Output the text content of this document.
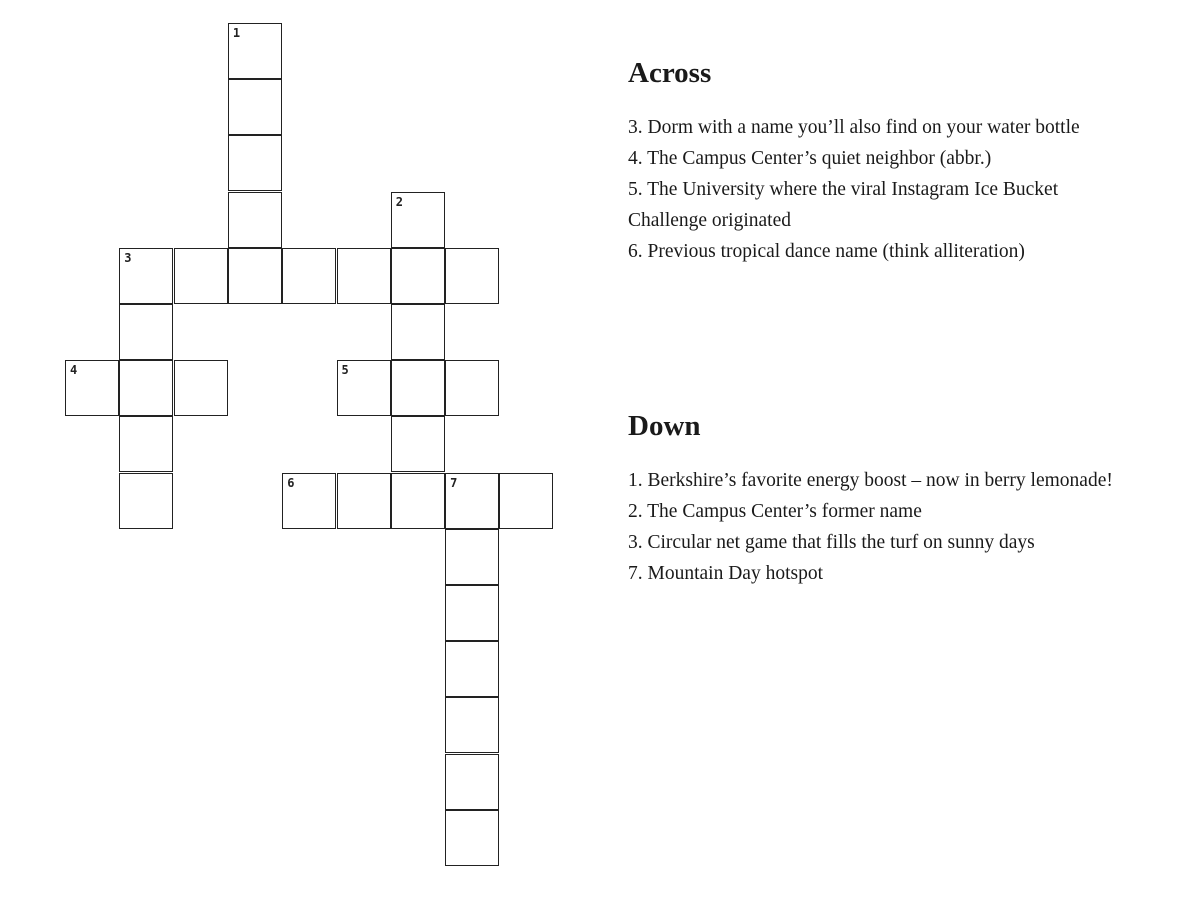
1
2
3
4	5
6	7
Across
3. Dorm with a name you’ll also find on your water bottle
4. The Campus Center’s quiet neighbor (abbr.)
5. The University where the viral Instagram Ice Bucket Challenge originated
6. Previous tropical dance name (think alliteration)
Down
1. Berkshire’s favorite energy boost – now in berry lemonade!
2. The Campus Center’s former name
3. Circular net game that fills the turf on sunny days
7. Mountain Day hotspot
